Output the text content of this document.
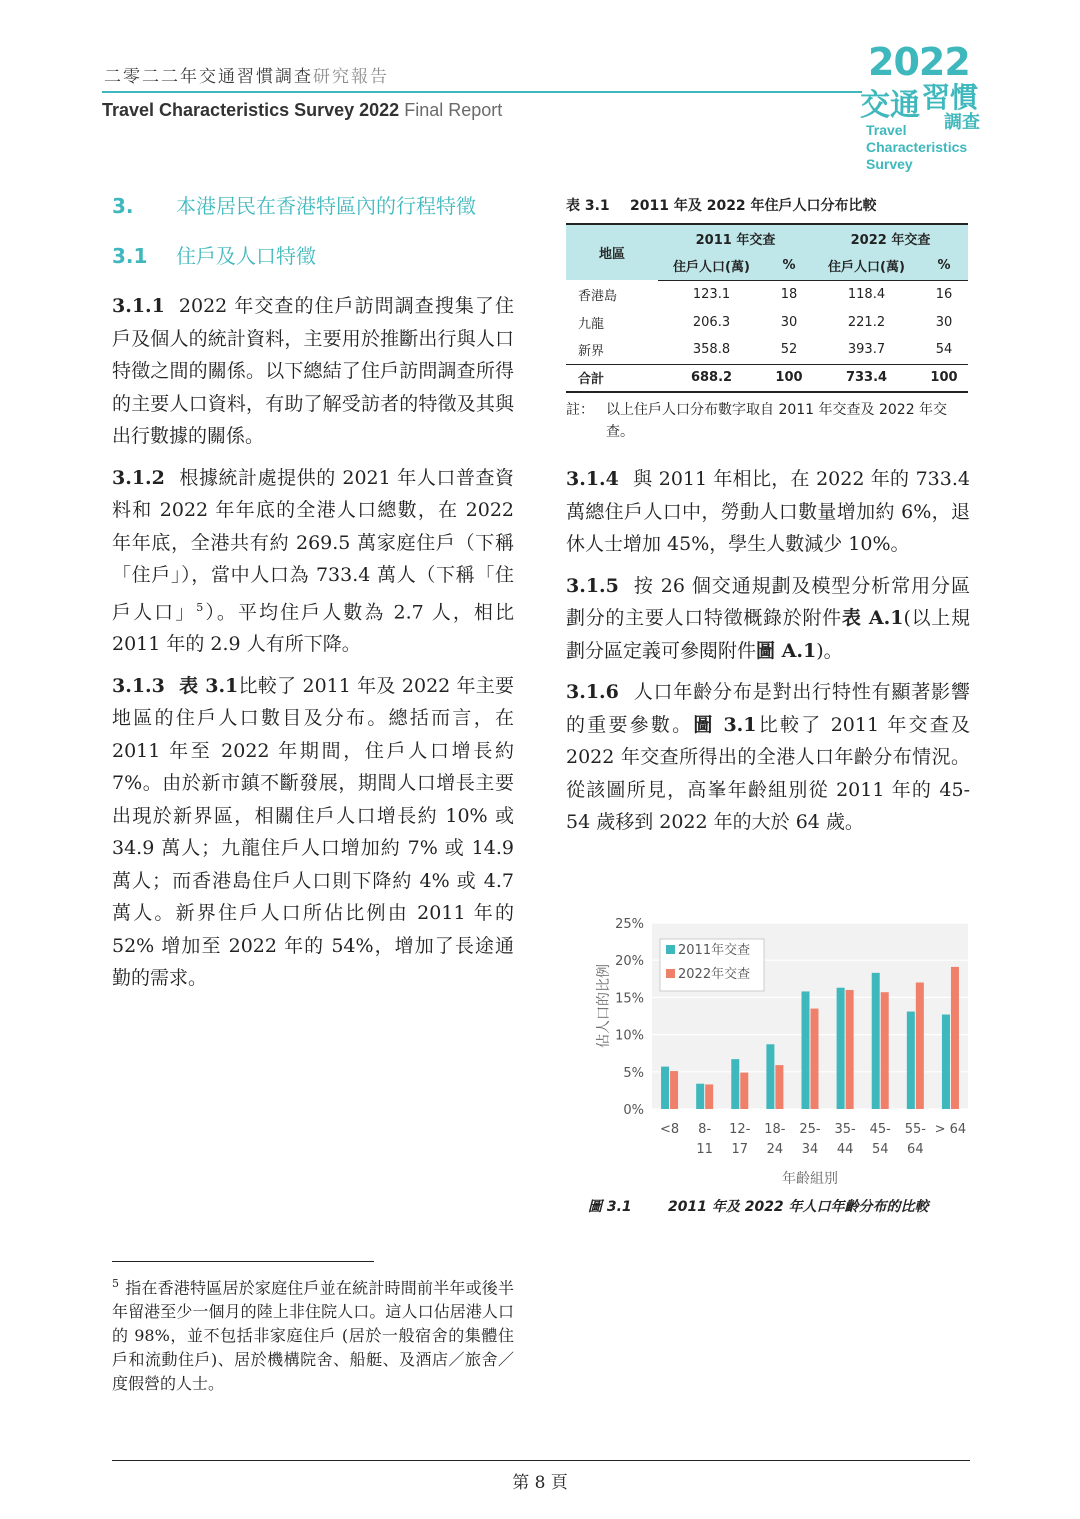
二零二二年交通習慣調查研究報告
Travel Characteristics Survey 2022 Final Report
2022
交通 習慣
調查
Travel
Characteristics
Survey
3. 本港居民在香港特區內的行程特徵
3.1 住戶及人口特徵

3.1.1 2022 年交查的住戶訪問調查搜集了住戶及個人的統計資料，主要用於推斷出行與人口特徵之間的關係。以下總結了住戶訪問調查所得的主要人口資料，有助了解受訪者的特徵及其與出行數據的關係。

3.1.2 根據統計處提供的 2021 年人口普查資料和 2022 年年底的全港人口總數，在 2022 年年底，全港共有約 269.5 萬家庭住戶（下稱「住戶」），當中人口為 733.4 萬人（下稱「住戶人口」$^5$）。平均住戶人數為 2.7 人，相比 2011 年的 2.9 人有所下降。

3.1.3 表 3.1比較了 2011 年及 2022 年主要地區的住戶人口數目及分布。總括而言，在 2011 年至 2022 年期間，住戶人口增長約 7%。由於新市鎮不斷發展，期間人口增長主要出現於新界區，相關住戶人口增長約 10% 或 34.9 萬人；九龍住戶人口增加約 7% 或 14.9 萬人；而香港島住戶人口則下降約 4% 或 4.7 萬人。新界住戶人口所佔比例由 2011 年的 52% 增加至 2022 年的 54%，增加了長途通勤的需求。

表 3.1 2011 年及 2022 年住戶人口分布比較
地區	2011 年交查		2022 年交查	
	住戶人口(萬)	%	住戶人口(萬)	%
香港島	123.1	18	118.4	16
九龍	206.3	30	221.2	30
新界	358.8	52	393.7	54
合計	688.2	100	733.4	100
註： 以上住戶人口分布數字取自 2011 年交查及 2022 年交查。

3.1.4 與 2011 年相比，在 2022 年的 733.4 萬總住戶人口中，勞動人口數量增加約 6%，退休人士增加 45%，學生人數減少 10%。

3.1.5 按 26 個交通規劃及模型分析常用分區劃分的主要人口特徵概錄於附件表 A.1(以上規劃分區定義可參閱附件圖 A.1)。

3.1.6 人口年齡分布是對出行特性有顯著影響的重要參數。圖 3.1比較了 2011 年交查及 2022 年交查所得出的全港人口年齡分布情況。從該圖所見，高峯年齡組別從 2011 年的 45-54 歲移到 2022 年的大於 64 歲。

0%
5%
10%
15%
20%
25%
<8 8-
11
12-
17
18-
24
25-
34
35-
44
45-
54
55-
64
> 64
年齡組別
佔人口的比例
2011年交查
2022年交查
圖 3.1	2011 年及 2022 年人口年齡分布的比較
$^5$ 指在香港特區居於家庭住戶並在統計時間前半年或後半年留港至少一個月的陸上非住院人口。這人口佔居港人口的 98%，並不包括非家庭住戶 (居於一般宿舍的集體住戶和流動住戶)、居於機構院舍、船艇、及酒店／旅舍／度假營的人士。
第 8 頁
